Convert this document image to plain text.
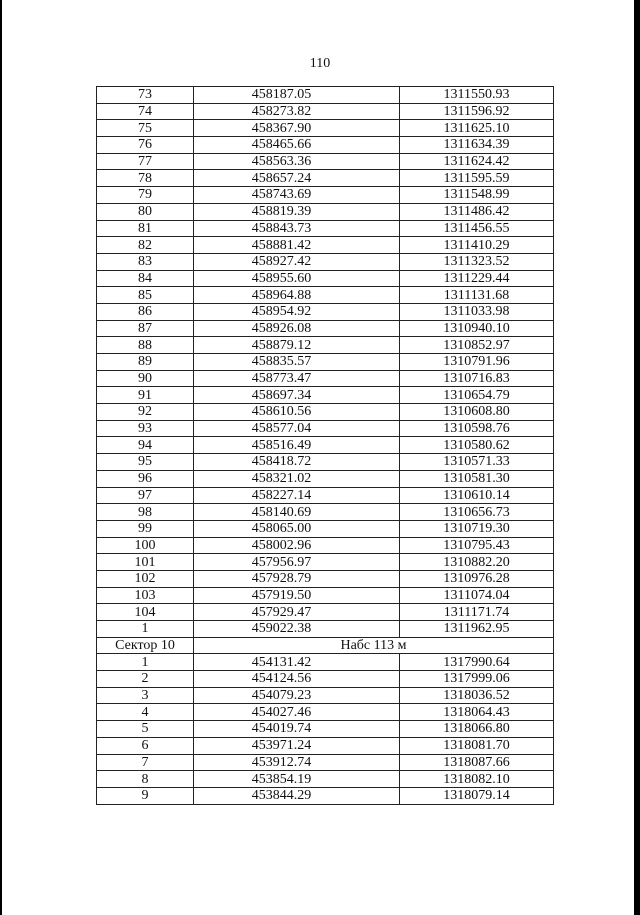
110
73	458187.05	1311550.93
74	458273.82	1311596.92
75	458367.90	1311625.10
76	458465.66	1311634.39
77	458563.36	1311624.42
78	458657.24	1311595.59
79	458743.69	1311548.99
80	458819.39	1311486.42
81	458843.73	1311456.55
82	458881.42	1311410.29
83	458927.42	1311323.52
84	458955.60	1311229.44
85	458964.88	1311131.68
86	458954.92	1311033.98
87	458926.08	1310940.10
88	458879.12	1310852.97
89	458835.57	1310791.96
90	458773.47	1310716.83
91	458697.34	1310654.79
92	458610.56	1310608.80
93	458577.04	1310598.76
94	458516.49	1310580.62
95	458418.72	1310571.33
96	458321.02	1310581.30
97	458227.14	1310610.14
98	458140.69	1310656.73
99	458065.00	1310719.30
100	458002.96	1310795.43
101	457956.97	1310882.20
102	457928.79	1310976.28
103	457919.50	1311074.04
104	457929.47	1311171.74
1	459022.38	1311962.95
Сектор 10	Набс 113 м	
1	454131.42	1317990.64
2	454124.56	1317999.06
3	454079.23	1318036.52
4	454027.46	1318064.43
5	454019.74	1318066.80
6	453971.24	1318081.70
7	453912.74	1318087.66
8	453854.19	1318082.10
9	453844.29	1318079.14
